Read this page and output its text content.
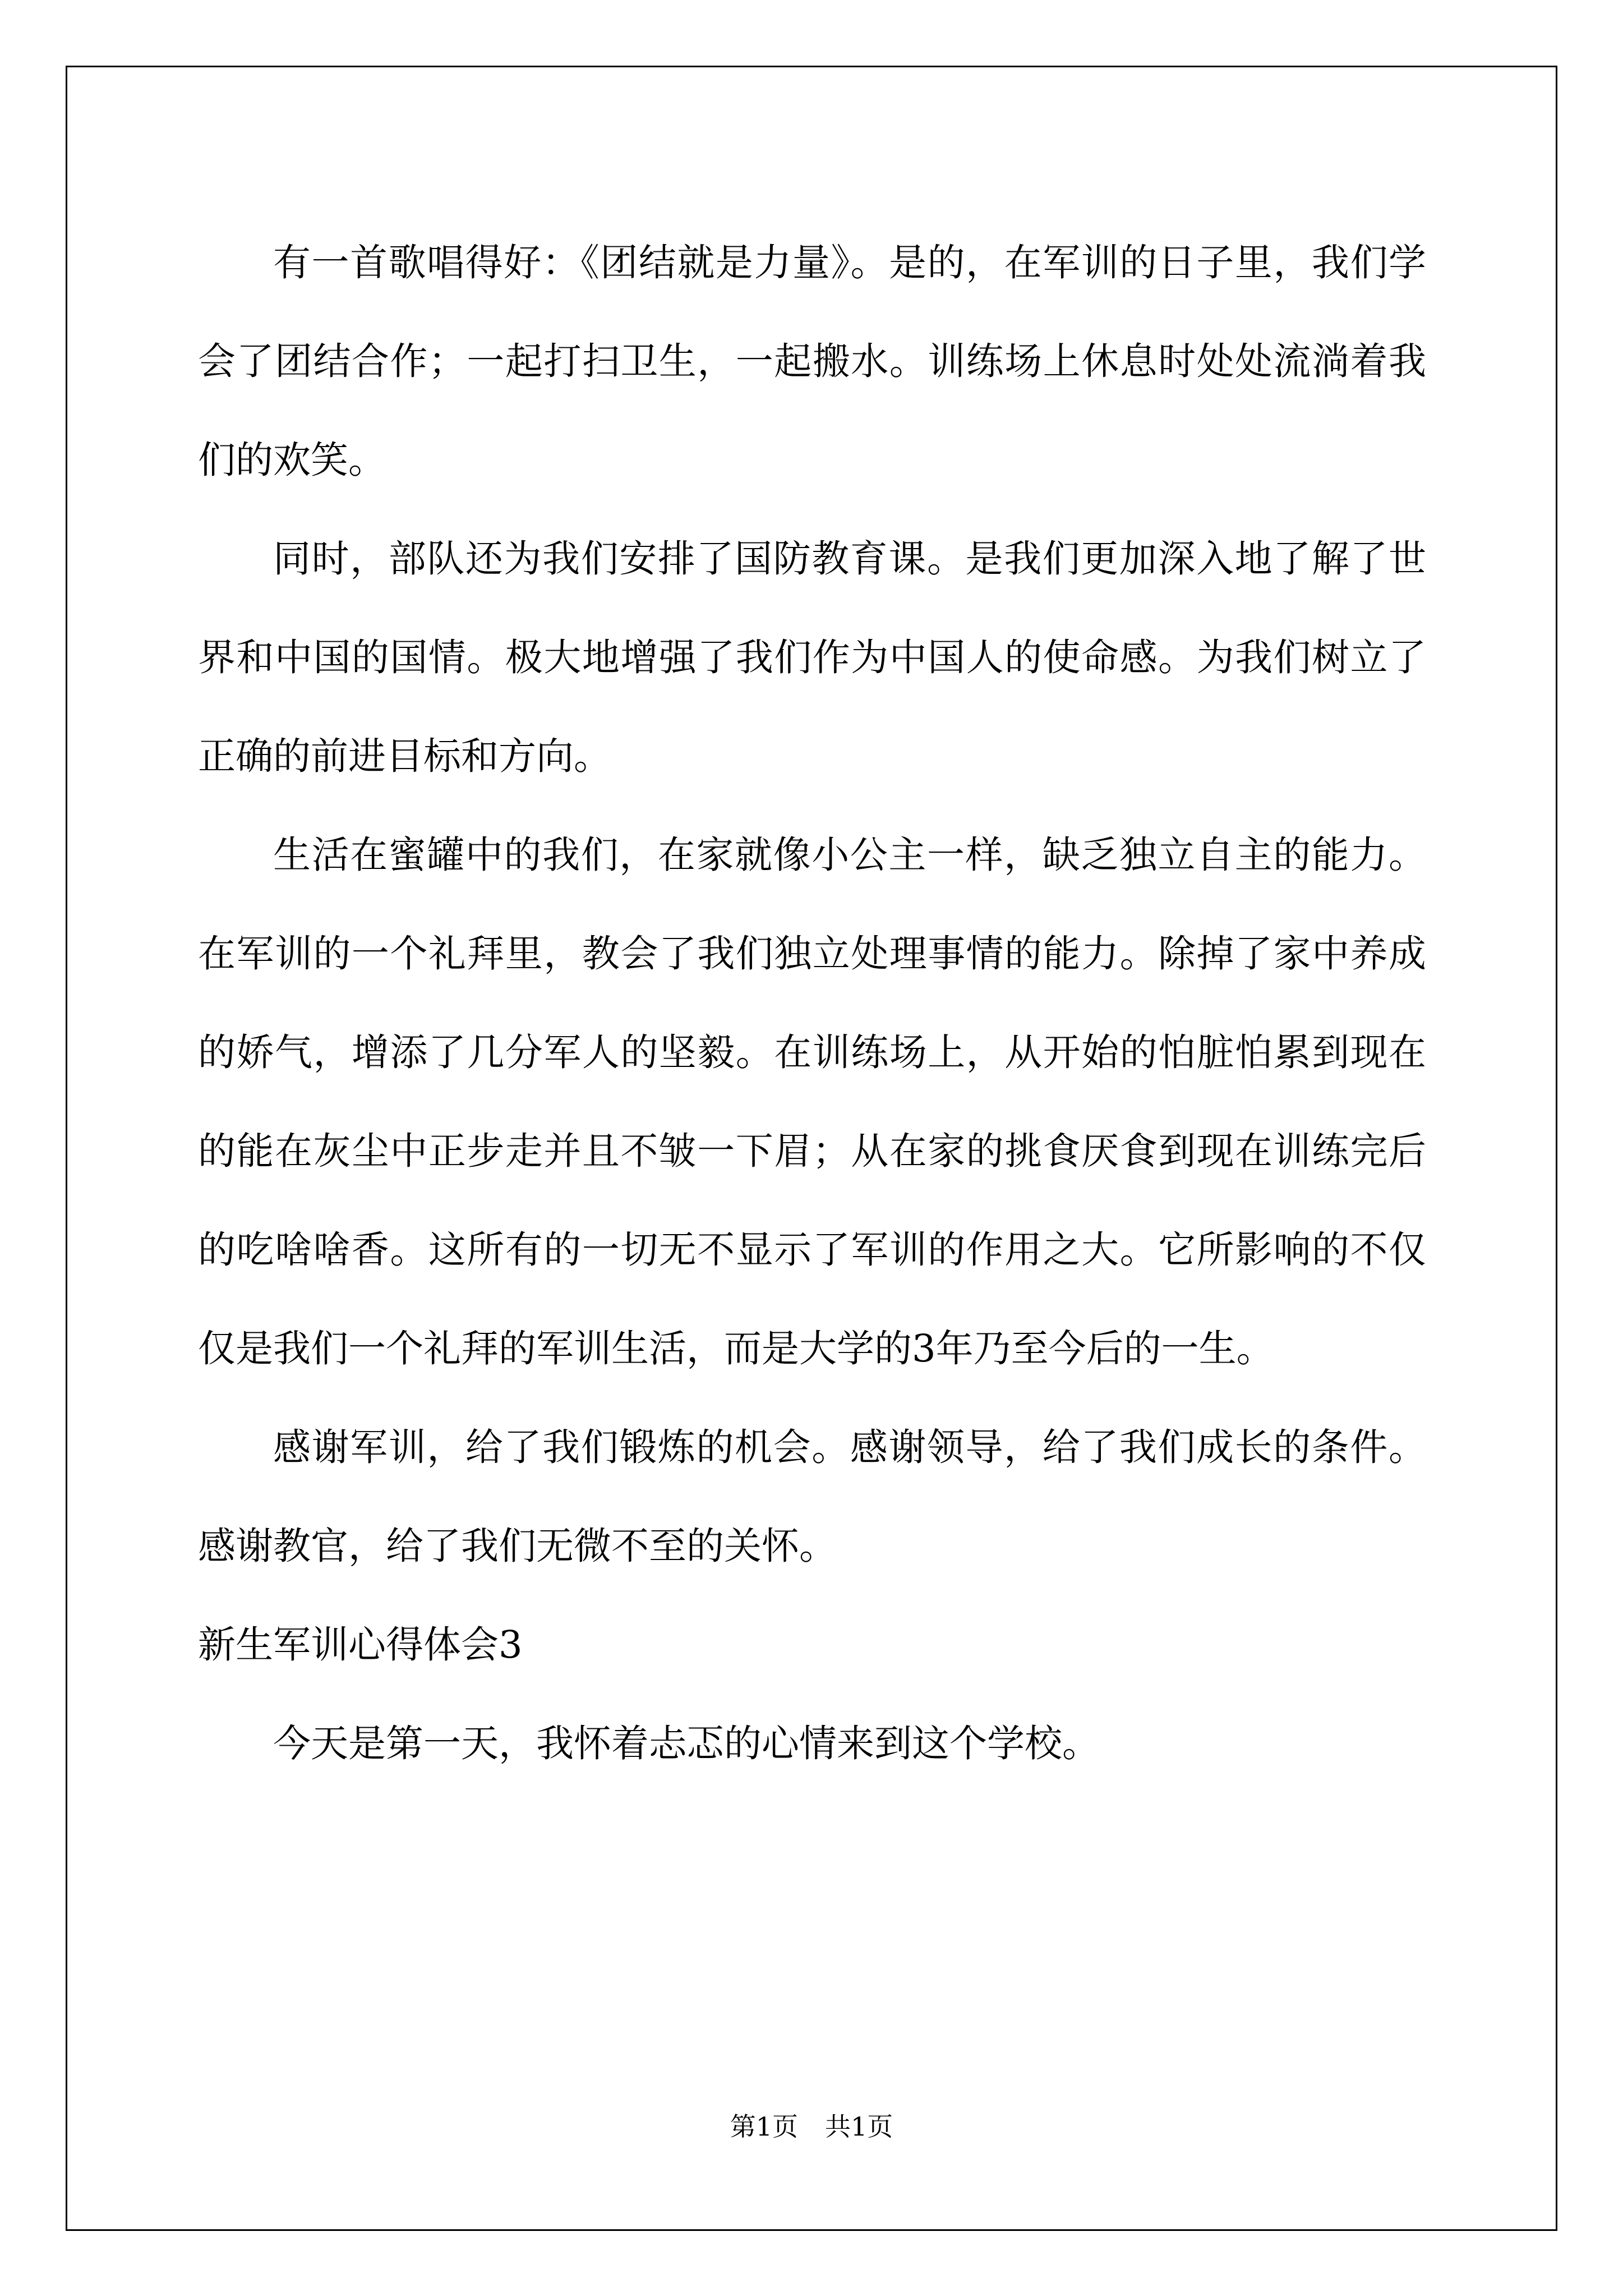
有一首歌唱得好：《团结就是力量》。是的，在军训的日子里，我们学会了团结合作；一起打扫卫生，一起搬水。训练场上休息时处处流淌着我们的欢笑。

同时，部队还为我们安排了国防教育课。是我们更加深入地了解了世界和中国的国情。极大地增强了我们作为中国人的使命感。为我们树立了正确的前进目标和方向。

生活在蜜罐中的我们，在家就像小公主一样，缺乏独立自主的能力。在军训的一个礼拜里，教会了我们独立处理事情的能力。除掉了家中养成的娇气，增添了几分军人的坚毅。在训练场上，从开始的怕脏怕累到现在的能在灰尘中正步走并且不皱一下眉；从在家的挑食厌食到现在训练完后的吃啥啥香。这所有的一切无不显示了军训的作用之大。它所影响的不仅仅是我们一个礼拜的军训生活，而是大学的3年乃至今后的一生。

感谢军训，给了我们锻炼的机会。感谢领导，给了我们成长的条件。感谢教官，给了我们无微不至的关怀。

新生军训心得体会3

今天是第一天，我怀着忐忑的心情来到这个学校。

第1页 共1页
